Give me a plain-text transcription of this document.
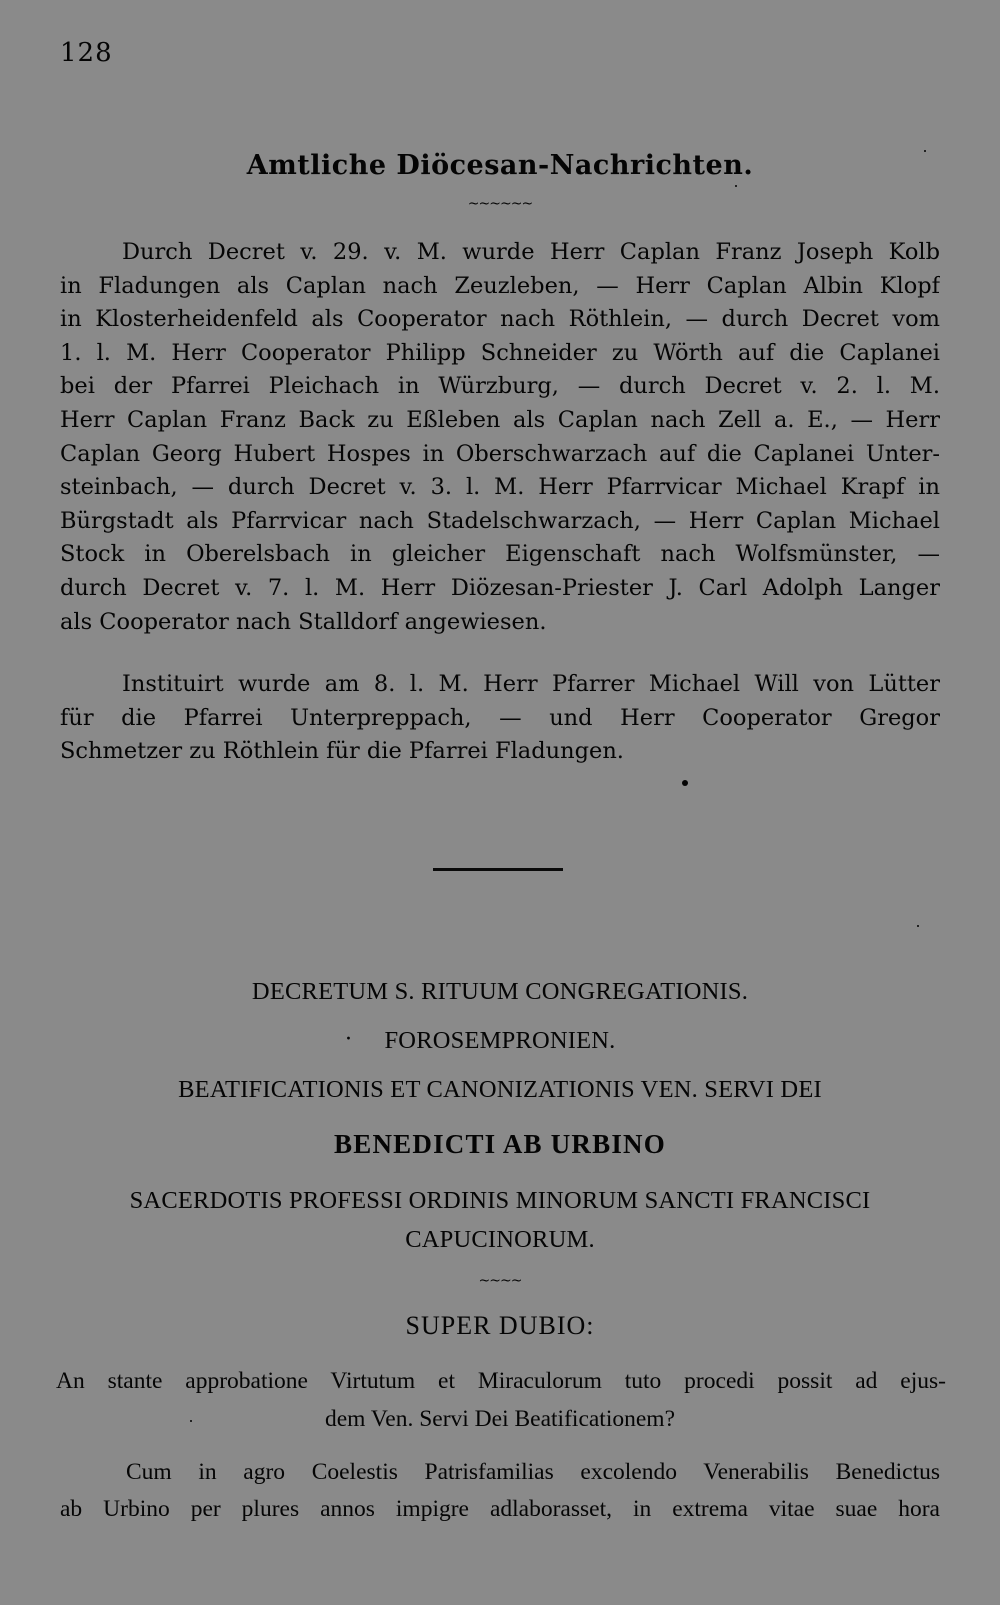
128
Amtliche Diöcesan-Nachrichten.
~~~~~~
Durch Decret v. 29. v. M. wurde Herr Caplan Franz Joseph Kolb
in Fladungen als Caplan nach Zeuzleben, — Herr Caplan Albin Klopf
in Klosterheidenfeld als Cooperator nach Röthlein, — durch Decret vom
1. l. M. Herr Cooperator Philipp Schneider zu Wörth auf die Caplanei
bei der Pfarrei Pleichach in Würzburg, — durch Decret v. 2. l. M.
Herr Caplan Franz Back zu Eßleben als Caplan nach Zell a. E., — Herr
Caplan Georg Hubert Hospes in Oberschwarzach auf die Caplanei Unter-
steinbach, — durch Decret v. 3. l. M. Herr Pfarrvicar Michael Krapf in
Bürgstadt als Pfarrvicar nach Stadelschwarzach, — Herr Caplan Michael
Stock in Oberelsbach in gleicher Eigenschaft nach Wolfsmünster, —
durch Decret v. 7. l. M. Herr Diözesan-Priester J. Carl Adolph Langer
als Cooperator nach Stalldorf angewiesen.
Instituirt wurde am 8. l. M. Herr Pfarrer Michael Will von Lütter
für die Pfarrei Unterpreppach, — und Herr Cooperator Gregor
Schmetzer zu Röthlein für die Pfarrei Fladungen.
DECRETUM S. RITUUM CONGREGATIONIS.
·	FOROSEMPRONIEN.
BEATIFICATIONIS ET CANONIZATIONIS VEN. SERVI DEI
BENEDICTI AB URBINO
SACERDOTIS PROFESSI ORDINIS MINORUM SANCTI FRANCISCI
CAPUCINORUM.
~~~~
SUPER DUBIO:
An stante approbatione Virtutum et Miraculorum tuto procedi possit ad ejus-
dem Ven. Servi Dei Beatificationem?
Cum in agro Coelestis Patrisfamilias excolendo Venerabilis Benedictus
ab Urbino per plures annos impigre adlaborasset, in extrema vitae suae hora
